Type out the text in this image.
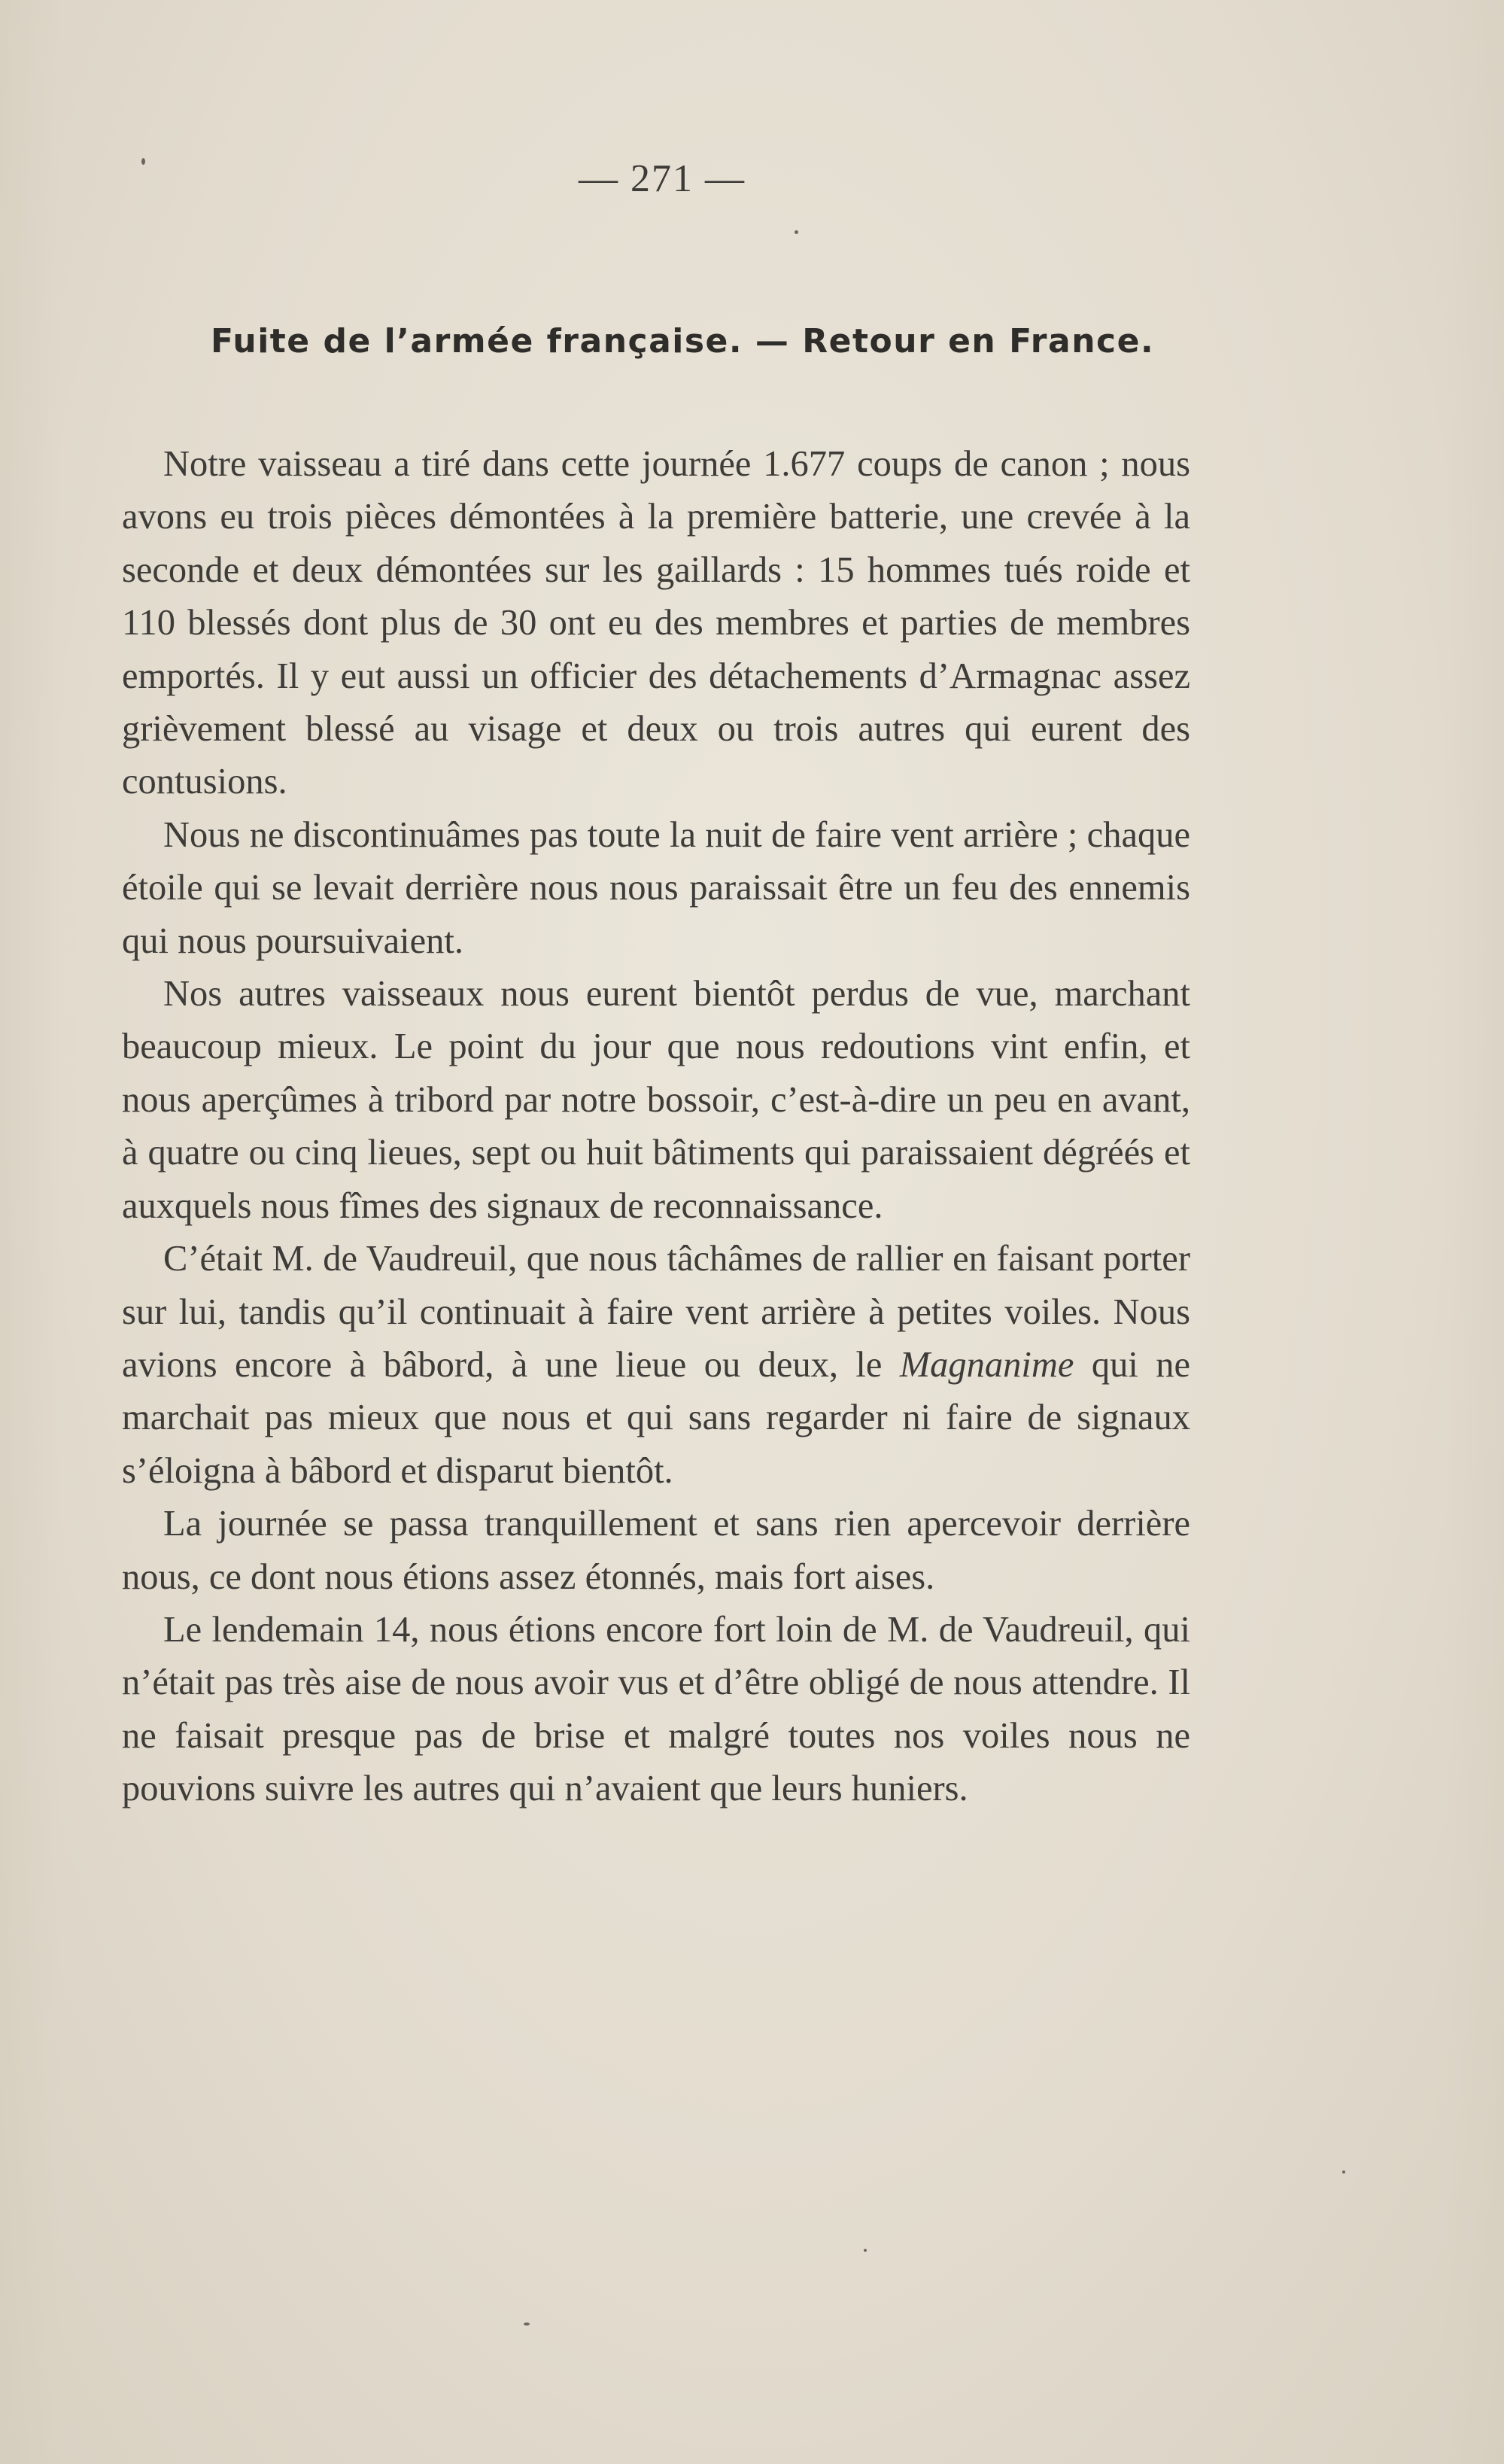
— 271 —
Fuite de l’armée française. — Retour en France.

Notre vaisseau a tiré dans cette journée 1.677 coups de canon ; nous avons eu trois pièces démontées à la première batterie, une crevée à la seconde et deux démontées sur les gaillards : 15 hommes tués roide et 110 blessés dont plus de 30 ont eu des membres et parties de membres emportés. Il y eut aussi un officier des détachements d’Armagnac assez grièvement blessé au visage et deux ou trois autres qui eurent des contusions.

Nous ne discontinuâmes pas toute la nuit de faire vent arrière ; chaque étoile qui se levait derrière nous nous paraissait être un feu des ennemis qui nous poursuivaient.

Nos autres vaisseaux nous eurent bientôt perdus de vue, marchant beaucoup mieux. Le point du jour que nous redoutions vint enfin, et nous aperçûmes à tribord par notre bossoir, c’est-à-dire un peu en avant, à quatre ou cinq lieues, sept ou huit bâtiments qui paraissaient dégréés et auxquels nous fîmes des signaux de reconnaissance.

C’était M. de Vaudreuil, que nous tâchâmes de rallier en faisant porter sur lui, tandis qu’il continuait à faire vent arrière à petites voiles. Nous avions encore à bâbord, à une lieue ou deux, le Magnanime qui ne marchait pas mieux que nous et qui sans regarder ni faire de signaux s’éloigna à bâbord et disparut bientôt.

La journée se passa tranquillement et sans rien apercevoir derrière nous, ce dont nous étions assez étonnés, mais fort aises.

Le lendemain 14, nous étions encore fort loin de M. de Vaudreuil, qui n’était pas très aise de nous avoir vus et d’être obligé de nous attendre. Il ne faisait presque pas de brise et malgré toutes nos voiles nous ne pouvions suivre les autres qui n’avaient que leurs huniers.
